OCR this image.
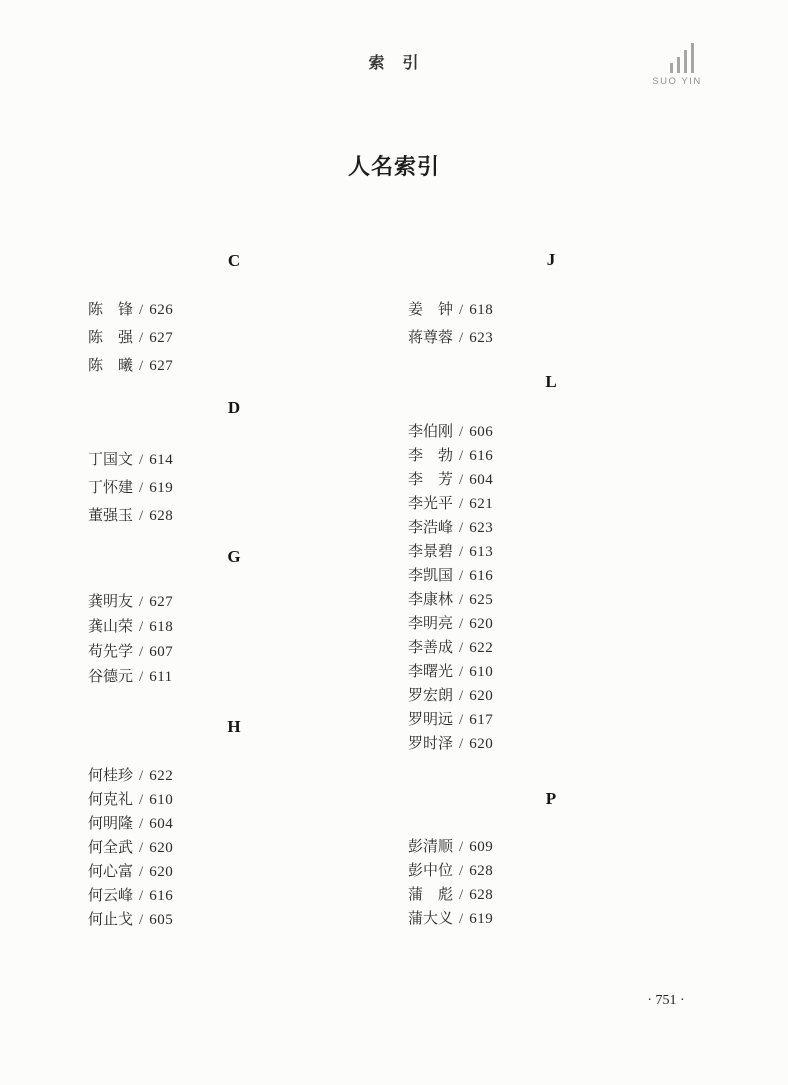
索　引
SUO YIN
人名索引
C
陈　锋 / 626
陈　强 / 627
陈　曦 / 627
D
丁国文 / 614
丁怀建 / 619
董强玉 / 628
G
龚明友 / 627
龚山荣 / 618
苟先学 / 607
谷德元 / 611
H
何桂珍 / 622
何克礼 / 610
何明隆 / 604
何全武 / 620
何心富 / 620
何云峰 / 616
何止戈 / 605
J
姜　钟 / 618
蒋尊蓉 / 623
L
李伯刚 / 606
李　勃 / 616
李　芳 / 604
李光平 / 621
李浩峰 / 623
李景碧 / 613
李凯国 / 616
李康林 / 625
李明亮 / 620
李善成 / 622
李曙光 / 610
罗宏朗 / 620
罗明远 / 617
罗时泽 / 620
P
彭清顺 / 609
彭中位 / 628
蒲　彪 / 628
蒲大义 / 619
· 751 ·
